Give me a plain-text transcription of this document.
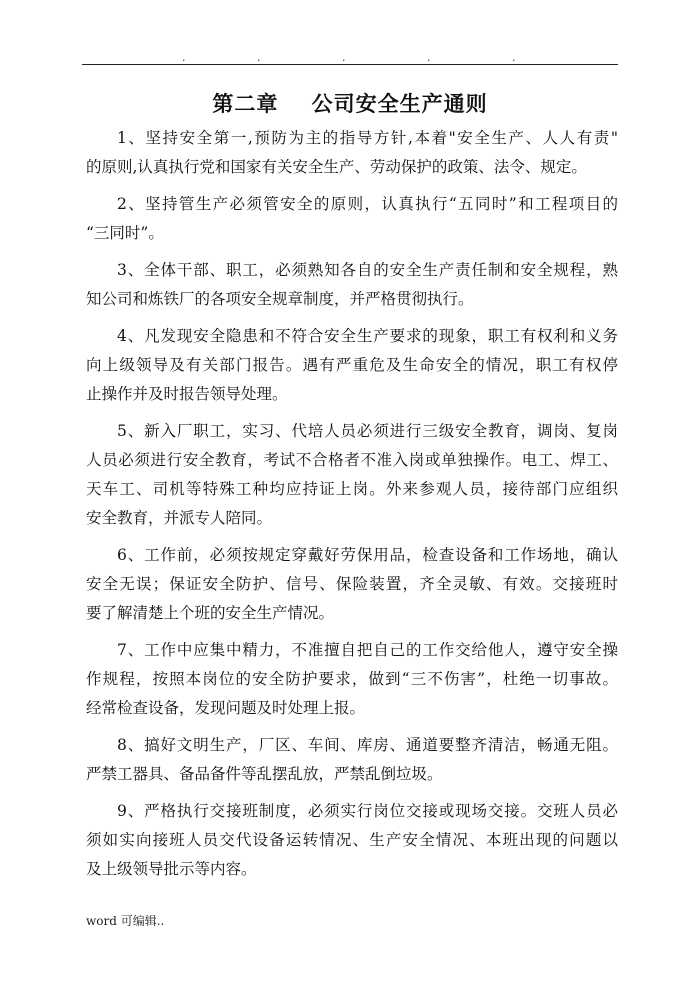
.	.	.	.	.
第二章    公司安全生产通则
1、坚持安全第一,预防为主的指导方针,本着"安全生产、人人有责"
的原则,认真执行党和国家有关安全生产、劳动保护的政策、法令、规定。
2、坚持管生产必须管安全的原则，认真执行“五同时”和工程项目的
“三同时”。
3、全体干部、职工，必须熟知各自的安全生产责任制和安全规程，熟
知公司和炼铁厂的各项安全规章制度，并严格贯彻执行。
4、凡发现安全隐患和不符合安全生产要求的现象，职工有权利和义务
向上级领导及有关部门报告。遇有严重危及生命安全的情况，职工有权停
止操作并及时报告领导处理。
5、新入厂职工，实习、代培人员必须进行三级安全教育，调岗、复岗
人员必须进行安全教育，考试不合格者不准入岗或单独操作。电工、焊工、
天车工、司机等特殊工种均应持证上岗。外来参观人员，接待部门应组织
安全教育，并派专人陪同。
6、工作前，必须按规定穿戴好劳保用品，检查设备和工作场地，确认
安全无误；保证安全防护、信号、保险装置，齐全灵敏、有效。交接班时
要了解清楚上个班的安全生产情况。
7、工作中应集中精力，不准擅自把自己的工作交给他人，遵守安全操
作规程，按照本岗位的安全防护要求，做到“三不伤害”，杜绝一切事故。
经常检查设备，发现问题及时处理上报。
8、搞好文明生产，厂区、车间、库房、通道要整齐清洁，畅通无阻。
严禁工器具、备品备件等乱摆乱放，严禁乱倒垃圾。
9、严格执行交接班制度，必须实行岗位交接或现场交接。交班人员必
须如实向接班人员交代设备运转情况、生产安全情况、本班出现的问题以
及上级领导批示等内容。
word 可编辑..
